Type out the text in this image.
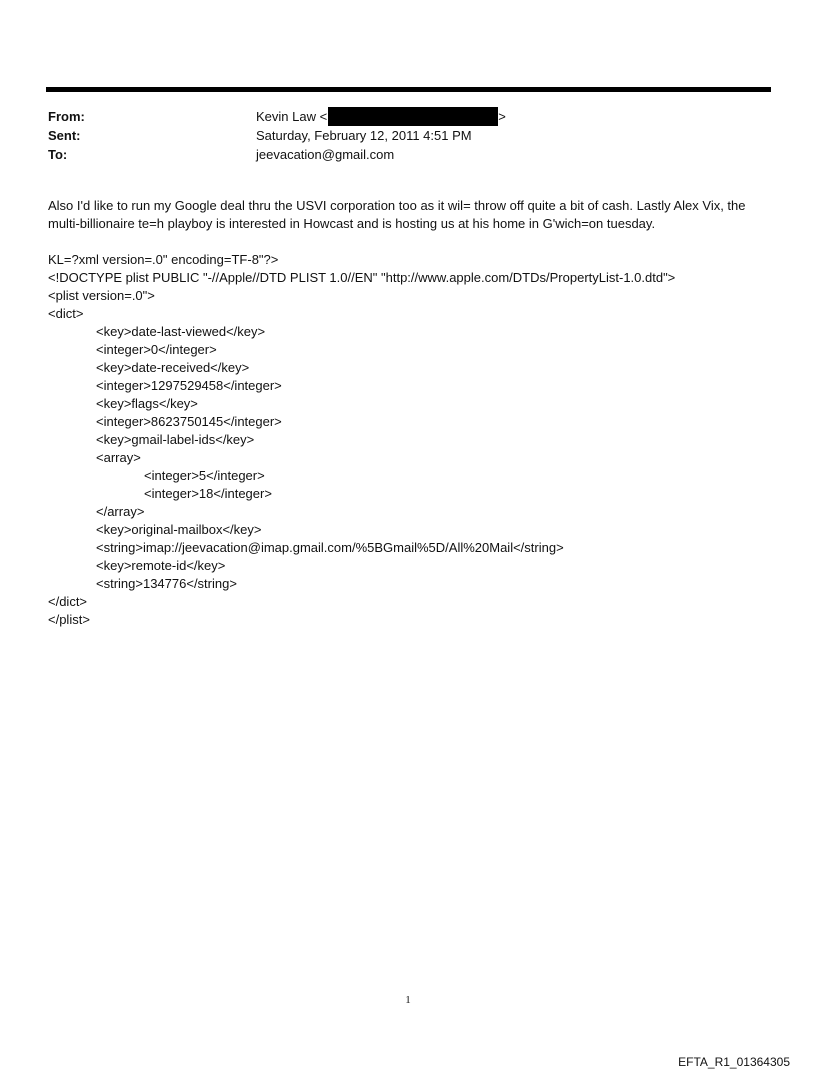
From:	Kevin Law <	>
Sent:	Saturday, February 12, 2011 4:51 PM
To:	jeevacation@gmail.com

Also I'd like to run my Google deal thru the USVI corporation too as it wil= throw off quite a bit of cash. Lastly Alex Vix, the multi-billionaire te=h playboy is interested in Howcast and is hosting us at his home in G'wich=on tuesday.

KL=?xml version=.0" encoding=TF-8"?>
<!DOCTYPE plist PUBLIC "-//Apple//DTD PLIST 1.0//EN" "http://www.apple.com/DTDs/PropertyList-1.0.dtd">
<plist version=.0">
<dict>
<key>date-last-viewed</key>
<integer>0</integer>
<key>date-received</key>
<integer>1297529458</integer>
<key>flags</key>
<integer>8623750145</integer>
<key>gmail-label-ids</key>
<array>
<integer>5</integer>
<integer>18</integer>
</array>
<key>original-mailbox</key>
<string>imap://jeevacation@imap.gmail.com/%5BGmail%5D/All%20Mail</string>
<key>remote-id</key>
<string>134776</string>
</dict>
</plist>
1
EFTA_R1_01364305
